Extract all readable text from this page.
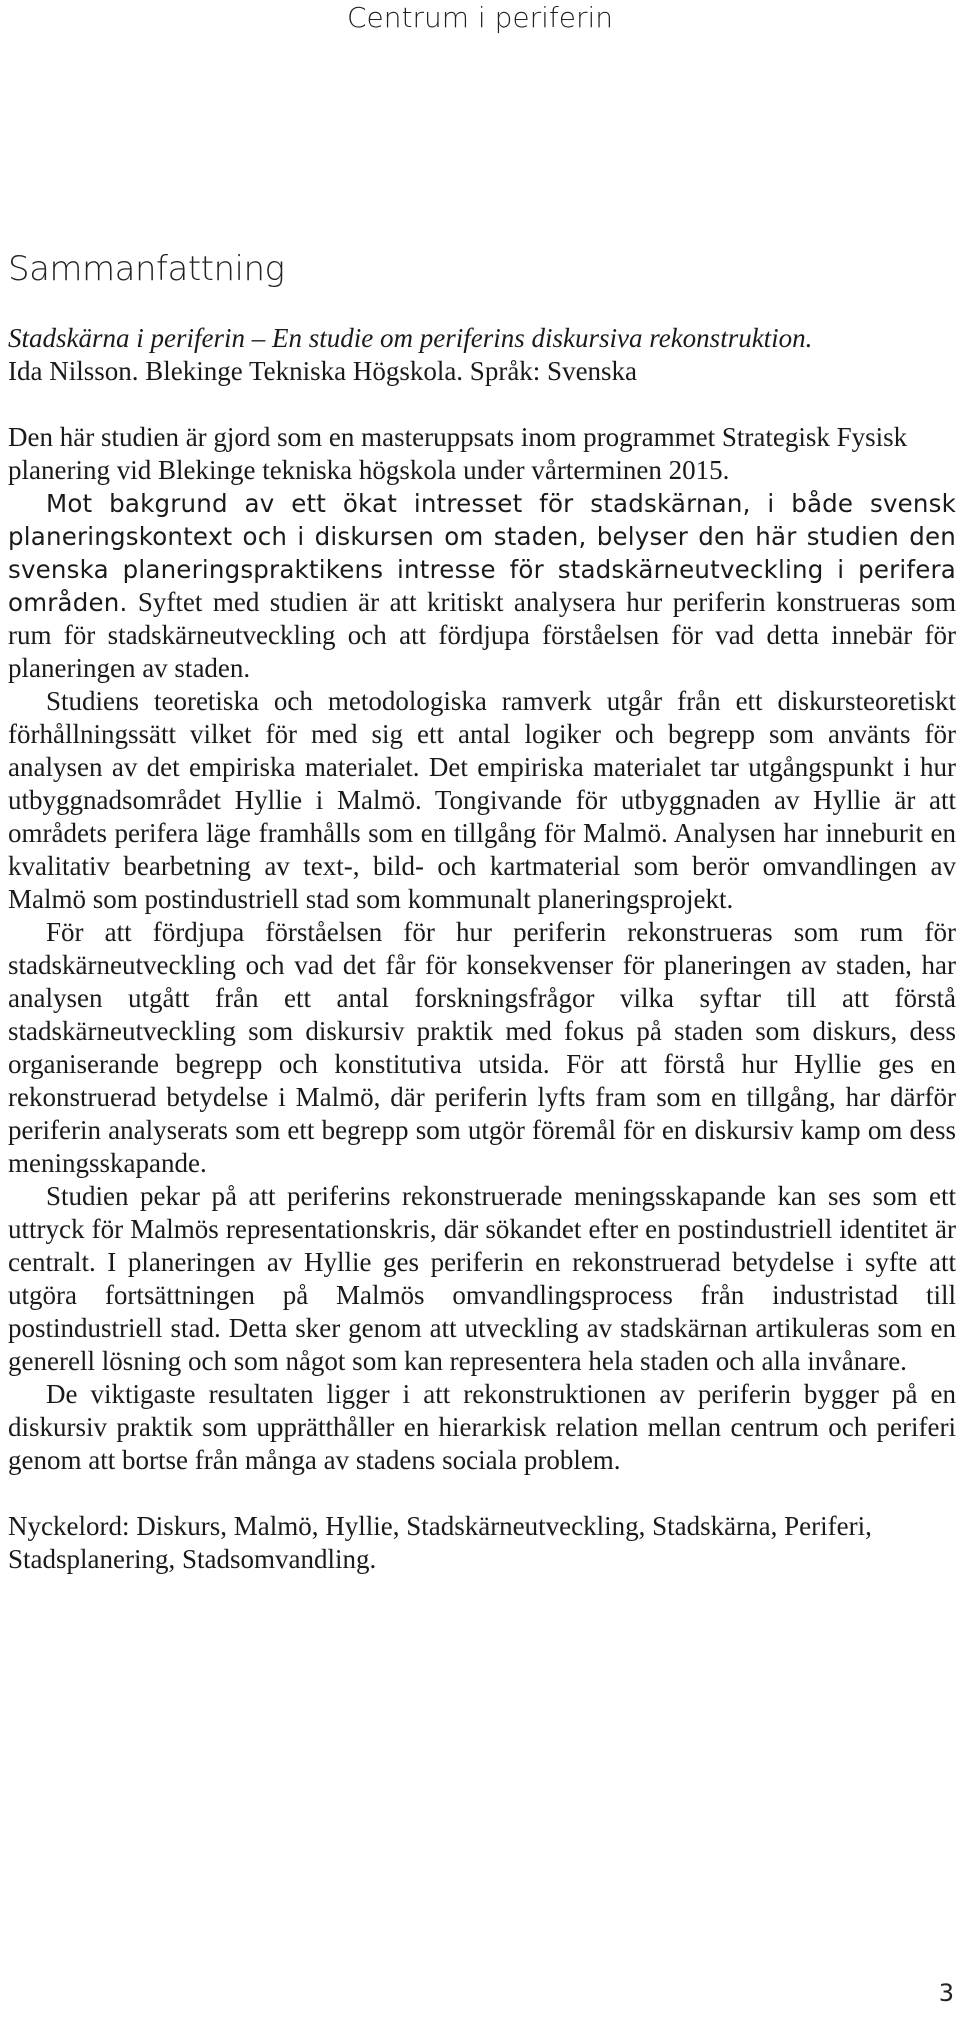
Centrum i periferin
Sammanfattning

Stadskärna i periferin – En studie om periferins diskursiva rekonstruktion.

Ida Nilsson. Blekinge Tekniska Högskola. Språk: Svenska

Den här studien är gjord som en masteruppsats inom programmet Strategisk Fysisk planering vid Blekinge tekniska högskola under vårterminen 2015.

Mot bakgrund av ett ökat intresset för stadskärnan, i både svensk planeringskontext och i diskursen om staden, belyser den här studien den svenska planeringspraktikens intresse för stadskärneutveckling i perifera områden. Syftet med studien är att kritiskt analysera hur periferin konstrueras som rum för stadskärneutveckling och att fördjupa förståelsen för vad detta innebär för planeringen av staden.

Studiens teoretiska och metodologiska ramverk utgår från ett diskursteoretiskt förhållningssätt vilket för med sig ett antal logiker och begrepp som använts för analysen av det empiriska materialet. Det empiriska materialet tar utgångspunkt i hur utbyggnadsområdet Hyllie i Malmö. Tongivande för utbyggnaden av Hyllie är att områdets perifera läge framhålls som en tillgång för Malmö. Analysen har inneburit en kvalitativ bearbetning av text-, bild- och kartmaterial som berör omvandlingen av Malmö som postindustriell stad som kommunalt planeringsprojekt.

För att fördjupa förståelsen för hur periferin rekonstrueras som rum för stadskärneutveckling och vad det får för konsekvenser för planeringen av staden, har analysen utgått från ett antal forskningsfrågor vilka syftar till att förstå stadskärneutveckling som diskursiv praktik med fokus på staden som diskurs, dess organiserande begrepp och konstitutiva utsida. För att förstå hur Hyllie ges en rekonstruerad betydelse i Malmö, där periferin lyfts fram som en tillgång, har därför periferin analyserats som ett begrepp som utgör föremål för en diskursiv kamp om dess meningsskapande.

Studien pekar på att periferins rekonstruerade meningsskapande kan ses som ett uttryck för Malmös representationskris, där sökandet efter en postindustriell identitet är centralt. I planeringen av Hyllie ges periferin en rekonstruerad betydelse i syfte att utgöra fortsättningen på Malmös omvandlingsprocess från industristad till postindustriell stad. Detta sker genom att utveckling av stadskärnan artikuleras som en generell lösning och som något som kan representera hela staden och alla invånare.

De viktigaste resultaten ligger i att rekonstruktionen av periferin bygger på en diskursiv praktik som upprätthåller en hierarkisk relation mellan centrum och periferi genom att bortse från många av stadens sociala problem.

Nyckelord: Diskurs, Malmö, Hyllie, Stadskärneutveckling, Stadskärna, Periferi, Stadsplanering, Stadsomvandling.

3
